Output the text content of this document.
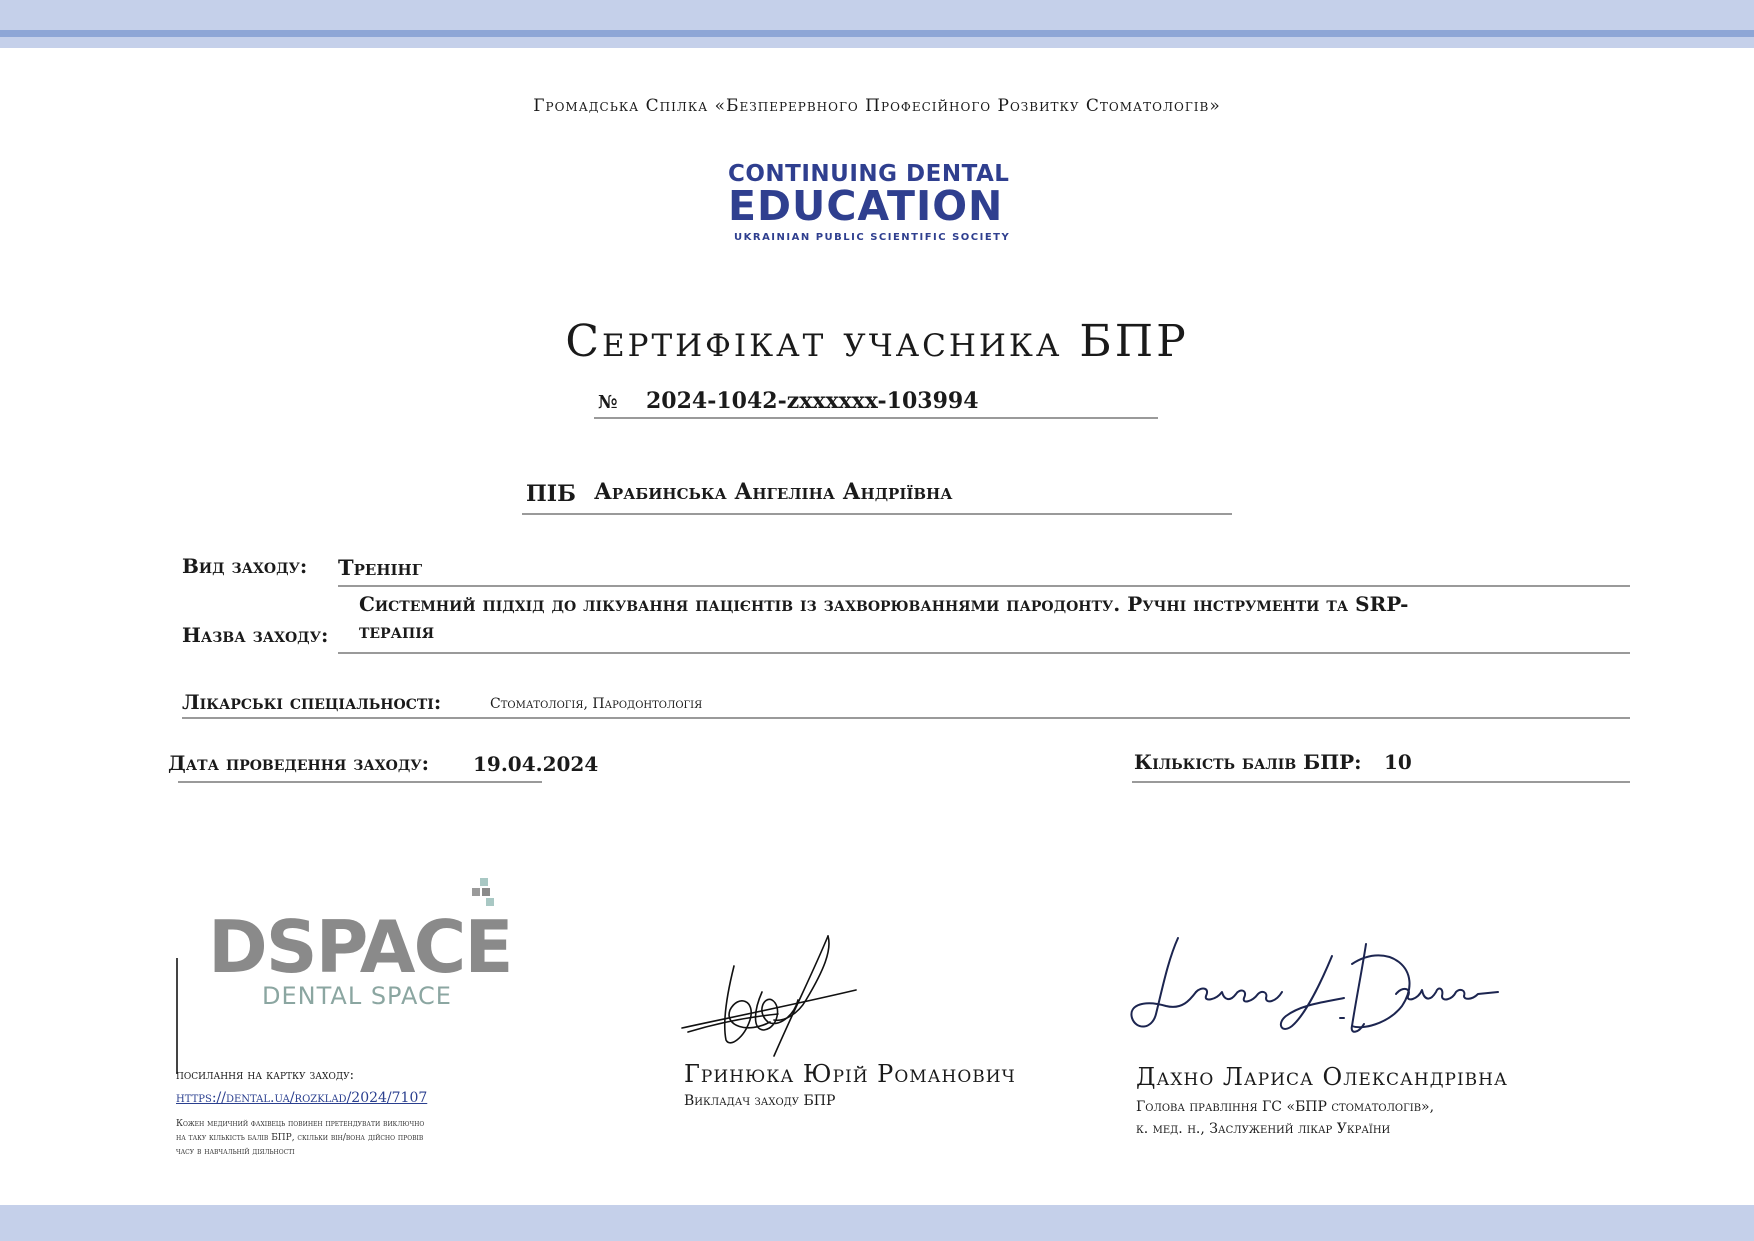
Громадська Спілка «Безперервного Професійного Розвитку Стоматологів»
CONTINUING DENTAL
EDUCATION
UKRAINIAN PUBLIC SCIENTIFIC SOCIETY
Сертифікат учасника БПР
№ 2024-1042-zxxxxxx-103994
ПІБ Арабинська Ангеліна Андріївна
Вид заходу: Тренінг
Назва заходу:
Системний підхід до лікування пацієнтів із захворюваннями пародонту. Ручні інструменти та SRP-
терапія
Лікарські спеціальності:	Стоматологія, Пародонтологія
Дата проведення заходу: 19.04.2024	Кількість балів БПР: 10
DSPACE
DENTAL SPACE
посилання на картку заходу:
https://dental.ua/rozklad/2024/7107
Кожен медичний фахівець повинен претендувати виключно
на таку кількість балів БПР, скільки він/вона дійсно провів
часу в навчальній діяльності
Гринюка Юрій Романович
Викладач заходу БПР
Дахно Лариса Олександрівна
Голова правління ГС «БПР стоматологів»,
к. мед. н., Заслужений лікар України
